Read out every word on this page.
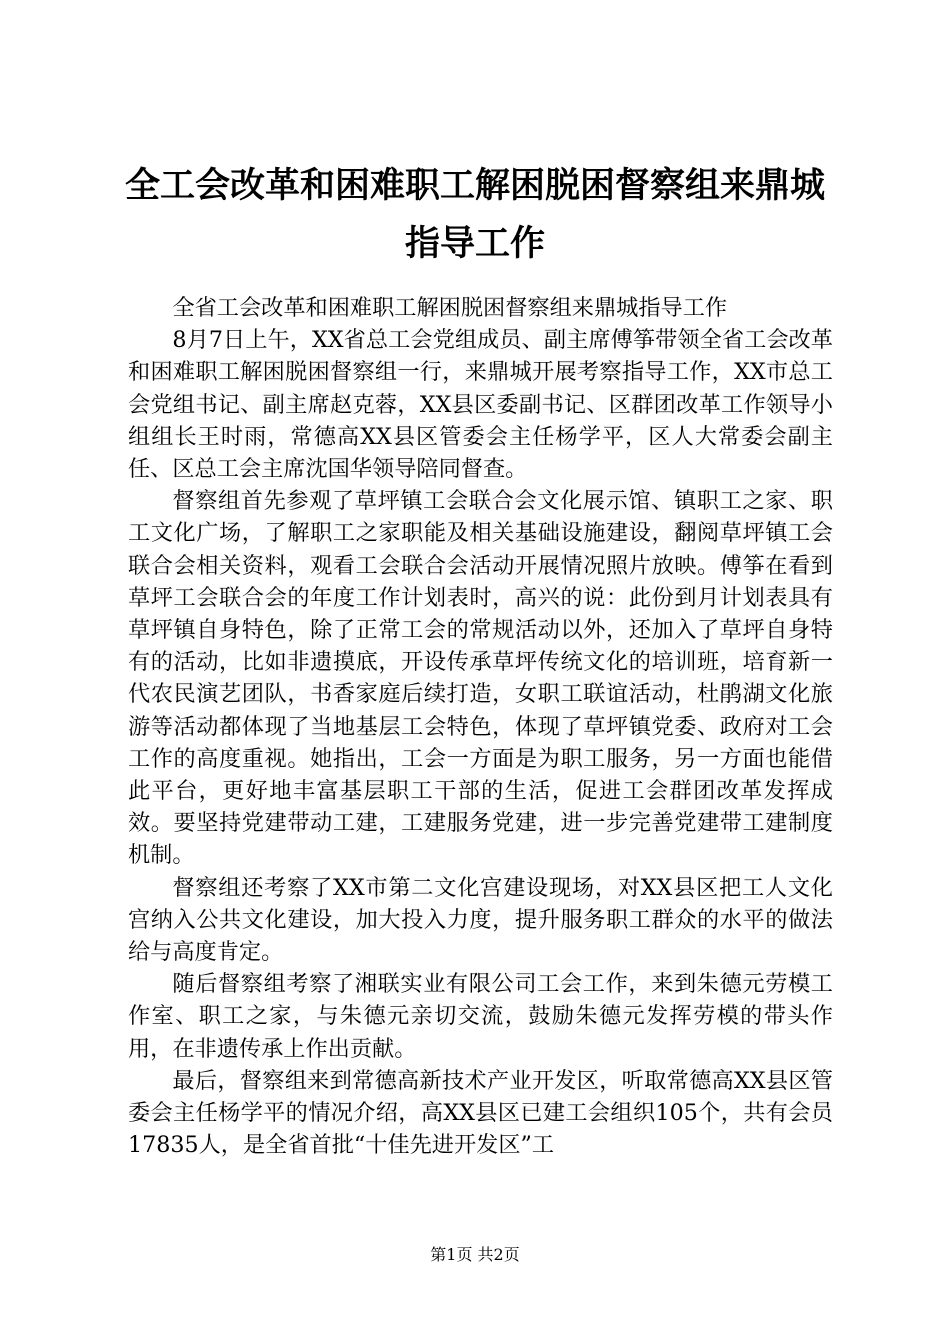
全工会改革和困难职工解困脱困督察组来鼎城
指导工作

全省工会改革和困难职工解困脱困督察组来鼎城指导工作

8月7日上午，XX省总工会党组成员、副主席傅筝带领全省工会改革和困难职工解困脱困督察组一行，来鼎城开展考察指导工作，XX市总工会党组书记、副主席赵克蓉，XX县区委副书记、区群团改革工作领导小组组长王时雨，常德高XX县区管委会主任杨学平，区人大常委会副主任、区总工会主席沈国华领导陪同督查。

督察组首先参观了草坪镇工会联合会文化展示馆、镇职工之家、职工文化广场，了解职工之家职能及相关基础设施建设，翻阅草坪镇工会联合会相关资料，观看工会联合会活动开展情况照片放映。傅筝在看到草坪工会联合会的年度工作计划表时，高兴的说：此份到月计划表具有草坪镇自身特色，除了正常工会的常规活动以外，还加入了草坪自身特有的活动，比如非遗摸底，开设传承草坪传统文化的培训班，培育新一代农民演艺团队，书香家庭后续打造，女职工联谊活动，杜鹃湖文化旅游等活动都体现了当地基层工会特色，体现了草坪镇党委、政府对工会工作的高度重视。她指出，工会一方面是为职工服务，另一方面也能借此平台，更好地丰富基层职工干部的生活，促进工会群团改革发挥成效。要坚持党建带动工建，工建服务党建，进一步完善党建带工建制度机制。

督察组还考察了XX市第二文化宫建设现场，对XX县区把工人文化宫纳入公共文化建设，加大投入力度，提升服务职工群众的水平的做法给与高度肯定。

随后督察组考察了湘联实业有限公司工会工作，来到朱德元劳模工作室、职工之家，与朱德元亲切交流，鼓励朱德元发挥劳模的带头作用，在非遗传承上作出贡献。

最后，督察组来到常德高新技术产业开发区，听取常德高XX县区管委会主任杨学平的情况介绍，高XX县区已建工会组织105个，共有会员17835人，是全省首批“十佳先进开发区”工

第1页 共2页
